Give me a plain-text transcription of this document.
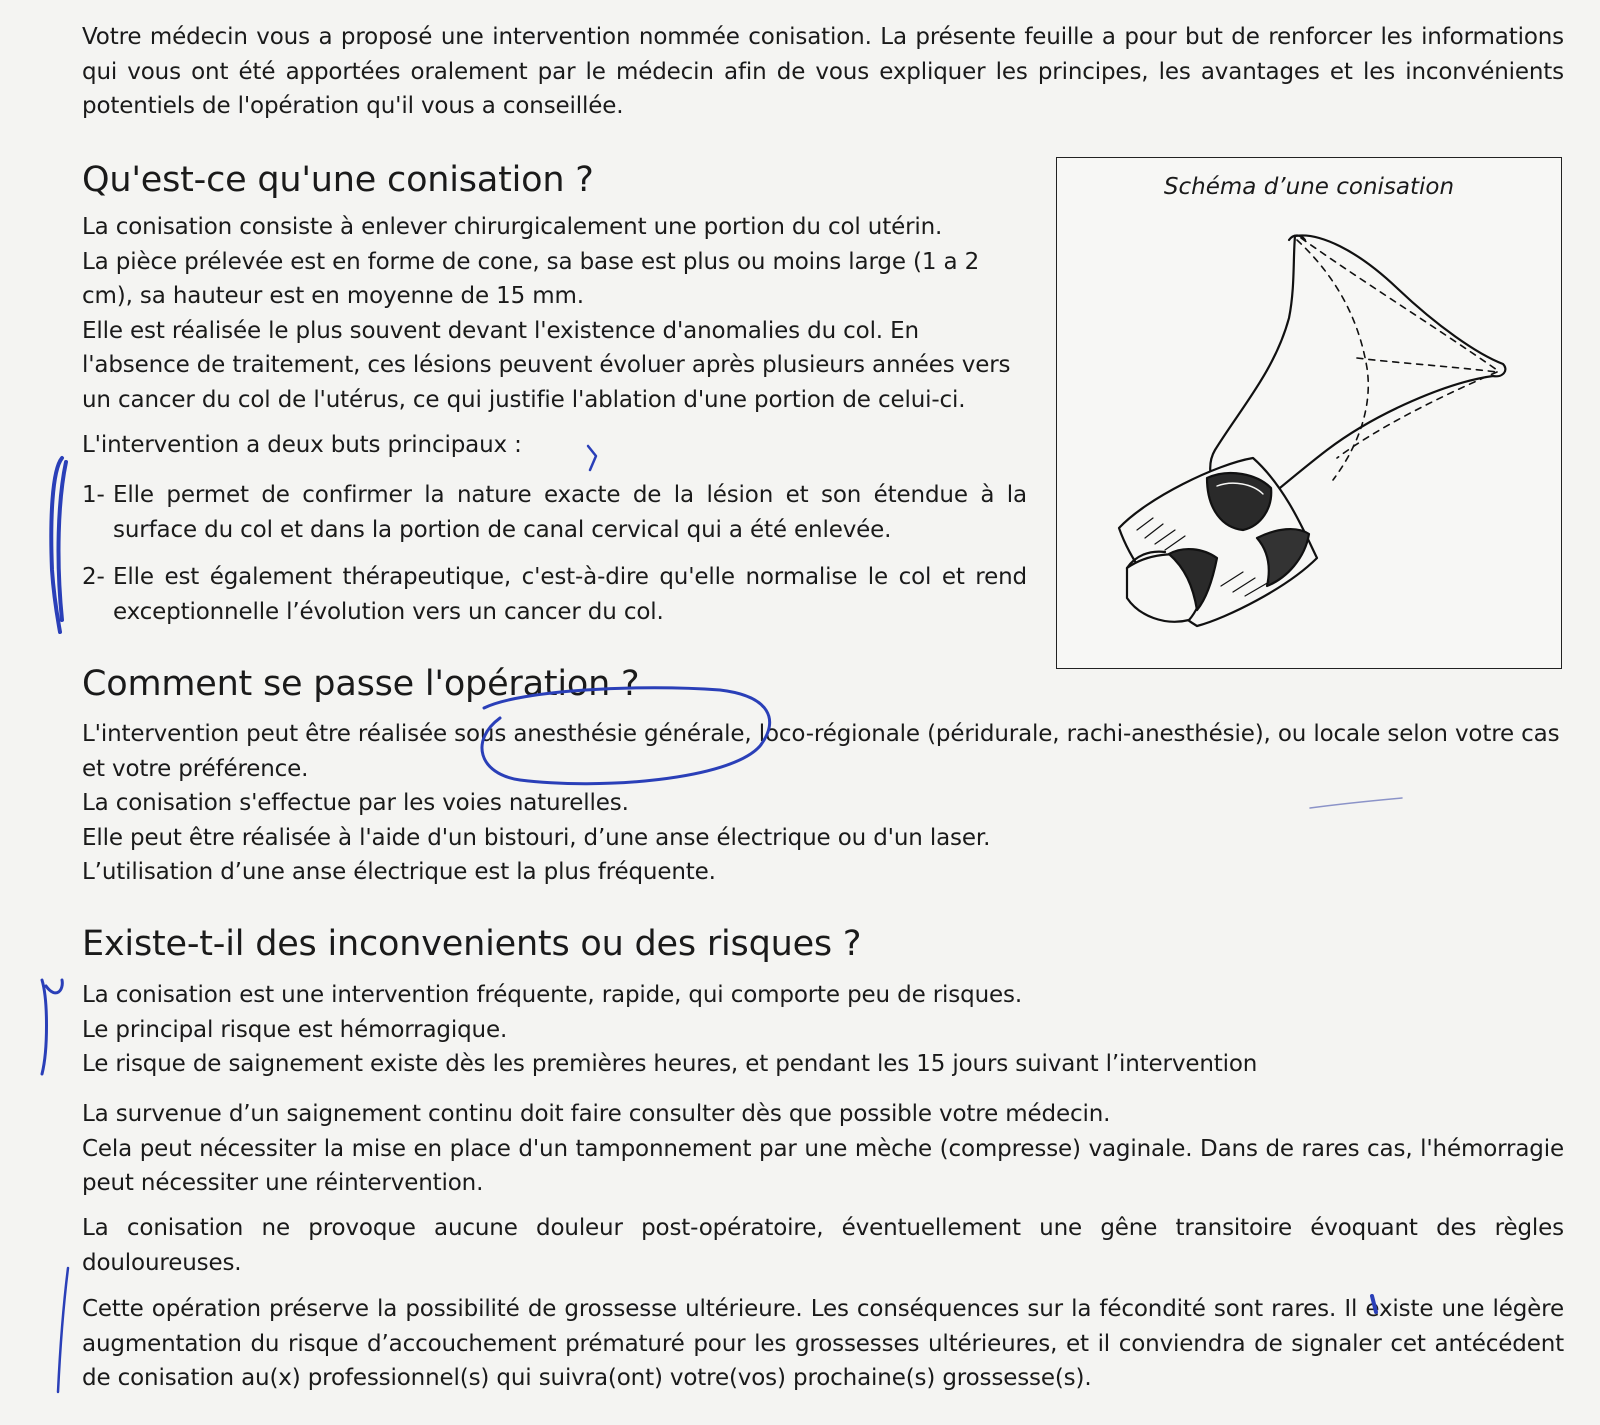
Votre médecin vous a proposé une intervention nommée conisation. La présente feuille a pour but de renforcer les informations qui vous ont été apportées oralement par le médecin afin de vous expliquer les principes, les avantages et les inconvénients potentiels de l'opération qu'il vous a conseillée.

Qu'est-ce qu'une conisation ?

La conisation consiste à enlever chirurgicalement une portion du col utérin.

La pièce prélevée est en forme de cone, sa base est plus ou moins large (1 a 2 cm), sa hauteur est en moyenne de 15 mm.

Elle est réalisée le plus souvent devant l'existence d'anomalies du col. En l'absence de traitement, ces lésions peuvent évoluer après plusieurs années vers un cancer du col de l'utérus, ce qui justifie l'ablation d'une portion de celui-ci.

L'intervention a deux buts principaux :

1- Elle permet de confirmer la nature exacte de la lésion et son étendue à la surface du col et dans la portion de canal cervical qui a été enlevée.
2- Elle est également thérapeutique, c'est-à-dire qu'elle normalise le col et rend exceptionnelle l’évolution vers un cancer du col.
Schéma d’une conisation
Comment se passe l'opération ?

L'intervention peut être réalisée sous anesthésie générale, loco-régionale (péridurale, rachi-anesthésie), ou locale selon votre cas et votre préférence.

La conisation s'effectue par les voies naturelles.

Elle peut être réalisée à l'aide d'un bistouri, d’une anse électrique ou d'un laser.

L’utilisation d’une anse électrique est la plus fréquente.

Existe-t-il des inconvenients ou des risques ?

La conisation est une intervention fréquente, rapide, qui comporte peu de risques.

Le principal risque est hémorragique.

Le risque de saignement existe dès les premières heures, et pendant les 15 jours suivant l’intervention

La survenue d’un saignement continu doit faire consulter dès que possible votre médecin.

Cela peut nécessiter la mise en place d'un tamponnement par une mèche (compresse) vaginale. Dans de rares cas, l'hémorragie peut nécessiter une réintervention.

La conisation ne provoque aucune douleur post-opératoire, éventuellement une gêne transitoire évoquant des règles douloureuses.

Cette opération préserve la possibilité de grossesse ultérieure. Les conséquences sur la fécondité sont rares. Il existe une légère augmentation du risque d’accouchement prématuré pour les grossesses ultérieures, et il conviendra de signaler cet antécédent de conisation au(x) professionnel(s) qui suivra(ont) votre(vos) prochaine(s) grossesse(s).
